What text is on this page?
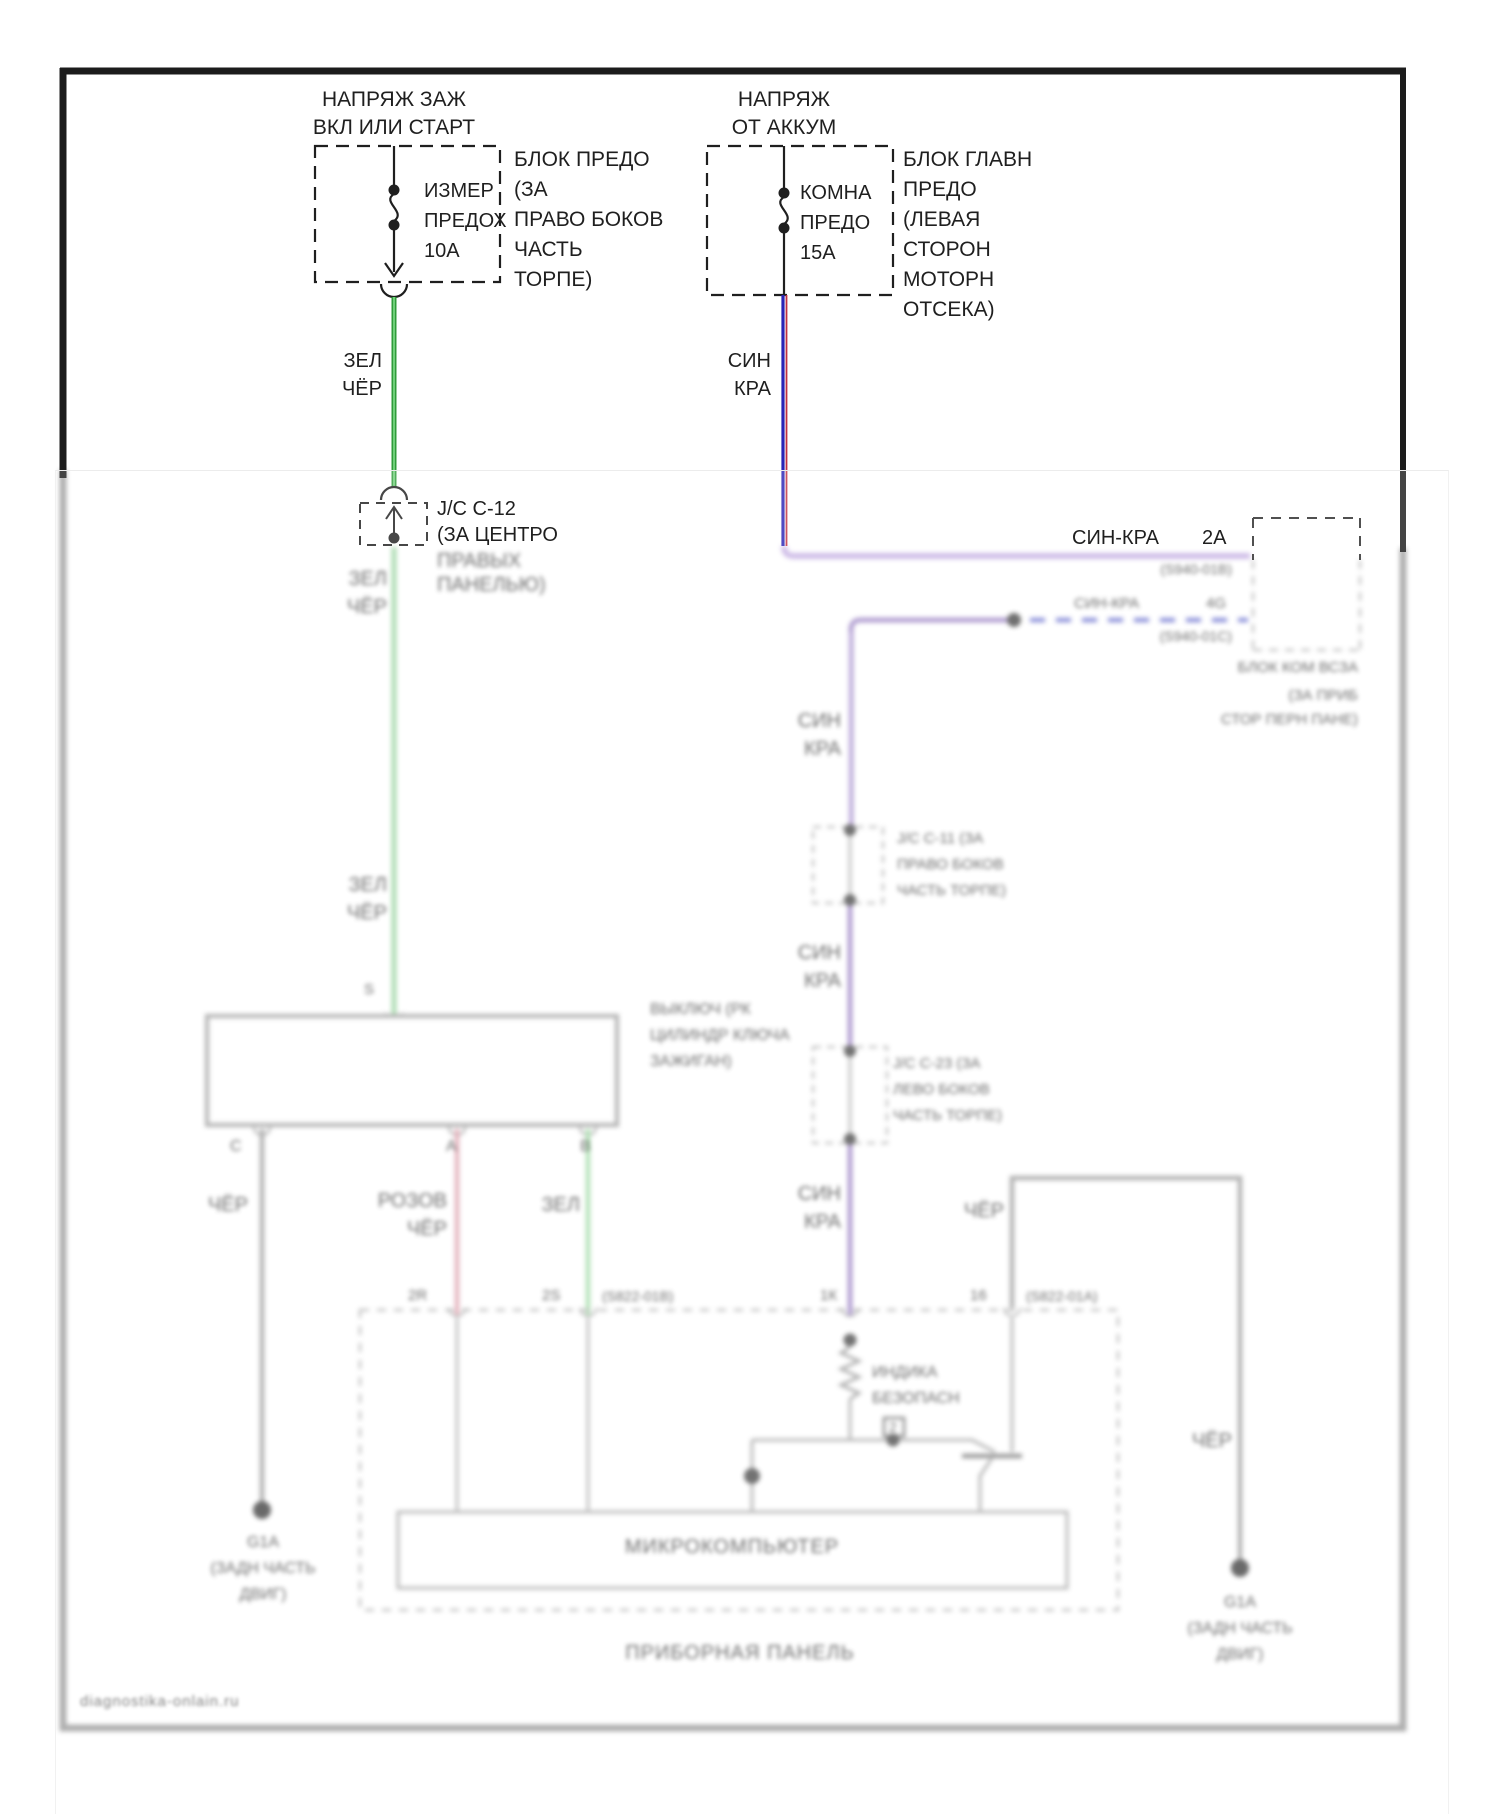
НАПРЯЖ ЗАЖ
ВКЛ ИЛИ СТАРТ
НАПРЯЖ
ОТ АККУМ
ИЗМЕР
ПРЕДОХ
10А
БЛОК ПРЕДО
(ЗА
ПРАВО БОКОВ
ЧАСТЬ
ТОРПЕ)
КОМНА
ПРЕДО
15А
БЛОК ГЛАВН
ПРЕДО
(ЛЕВАЯ
СТОРОН
МОТОРН
ОТСЕКА)
ЗЕЛ
ЧЁР
СИН
КРА
J/C C-12
(ЗА ЦЕНТРО
ПРАВЫХ
ПАНЕЛЬЮ)
СИН-КРА 2А
(S940-01B)
СИН-КРА	4G
(S940-01C)
БЛОК КОМ ВСЗА
(ЗА ПРИБ
СТОР ПЕРН ПАНЕ)
ЗЕЛ
ЧЁР
ЗЕЛ
ЧЁР
СИН
КРА
СИН
КРА
СИН
КРА
J/C C-11 (ЗА
ПРАВО БОКОВ
ЧАСТЬ ТОРПЕ)
J/C C-23 (ЗА
ЛЕВО БОКОВ
ЧАСТЬ ТОРПЕ)
S
ВЫКЛЮЧ (РК
ЦИЛИНДР КЛЮЧА
ЗАЖИГАН)
C	A	B
ЧЁР	РОЗОВ
ЧЁР
ЗЕЛ	ЧЁР
ЧЁР
2R	2S	(S822-01B)	1К	16	(S822-01A)
ИНДИКА
БЕЗОПАСН
2
МИКРОКОМПЬЮТЕР
ПРИБОРНАЯ ПАНЕЛЬ
G1A
(ЗАДН ЧАСТЬ
ДВИГ)	G1A
(ЗАДН ЧАСТЬ
ДВИГ)
diagnostika-onlain.ru
